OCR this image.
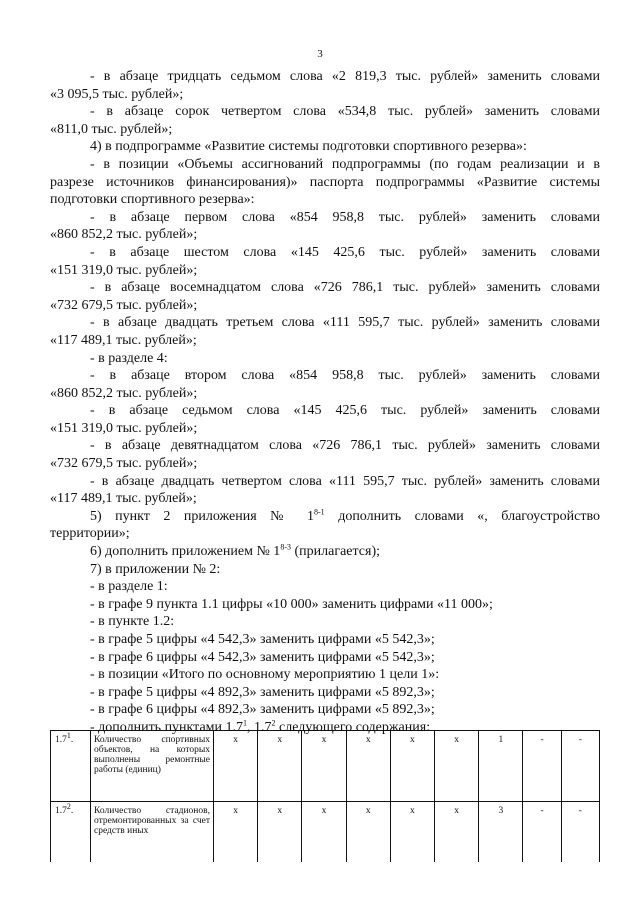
3

- в абзаце тридцать седьмом слова «2 819,3 тыс. рублей» заменить словами

«3 095,5 тыс. рублей»;

- в абзаце сорок четвертом слова «534,8 тыс. рублей» заменить словами

«811,0 тыс. рублей»;

4) в подпрограмме «Развитие системы подготовки спортивного резерва»:

- в позиции «Объемы ассигнований подпрограммы (по годам реализации и в

разрезе источников финансирования)» паспорта подпрограммы «Развитие системы

подготовки спортивного резерва»:

- в абзаце первом слова «854 958,8 тыс. рублей» заменить словами

«860 852,2 тыс. рублей»;

- в абзаце шестом слова «145 425,6 тыс. рублей» заменить словами

«151 319,0 тыс. рублей»;

- в абзаце восемнадцатом слова «726 786,1 тыс. рублей» заменить словами

«732 679,5 тыс. рублей»;

- в абзаце двадцать третьем слова «111 595,7 тыс. рублей» заменить словами

«117 489,1 тыс. рублей»;

- в разделе 4:

- в абзаце втором слова «854 958,8 тыс. рублей» заменить словами

«860 852,2 тыс. рублей»;

- в абзаце седьмом слова «145 425,6 тыс. рублей» заменить словами

«151 319,0 тыс. рублей»;

- в абзаце девятнадцатом слова «726 786,1 тыс. рублей» заменить словами

«732 679,5 тыс. рублей»;

- в абзаце двадцать четвертом слова «111 595,7 тыс. рублей» заменить словами

«117 489,1 тыс. рублей»;

5) пункт 2 приложения № 1$^{8-1}$ дополнить словами «, благоустройство

территории»;

6) дополнить приложением № 1$^{8-3}$ (прилагается);

7) в приложении № 2:

- в разделе 1:

- в графе 9 пункта 1.1 цифры «10 000» заменить цифрами «11 000»;

- в пункте 1.2:

- в графе 5 цифры «4 542,3» заменить цифрами «5 542,3»;

- в графе 6 цифры «4 542,3» заменить цифрами «5 542,3»;

- в позиции «Итого по основному мероприятию 1 цели 1»:

- в графе 5 цифры «4 892,3» заменить цифрами «5 892,3»;

- в графе 6 цифры «4 892,3» заменить цифрами «5 892,3»;

- дополнить пунктами $1.7^1$, $1.7^2$ следующего содержания:

$1.7^1$.	Количество спортивных объектов, на которых выполнены ремонтные работы (единиц)	х	х	х	х	х	х	1	-	-
$1.7^2$.	Количество стадионов, отремонтированных за счет средств иных	х	х	х	х	х	х	3	-	-
